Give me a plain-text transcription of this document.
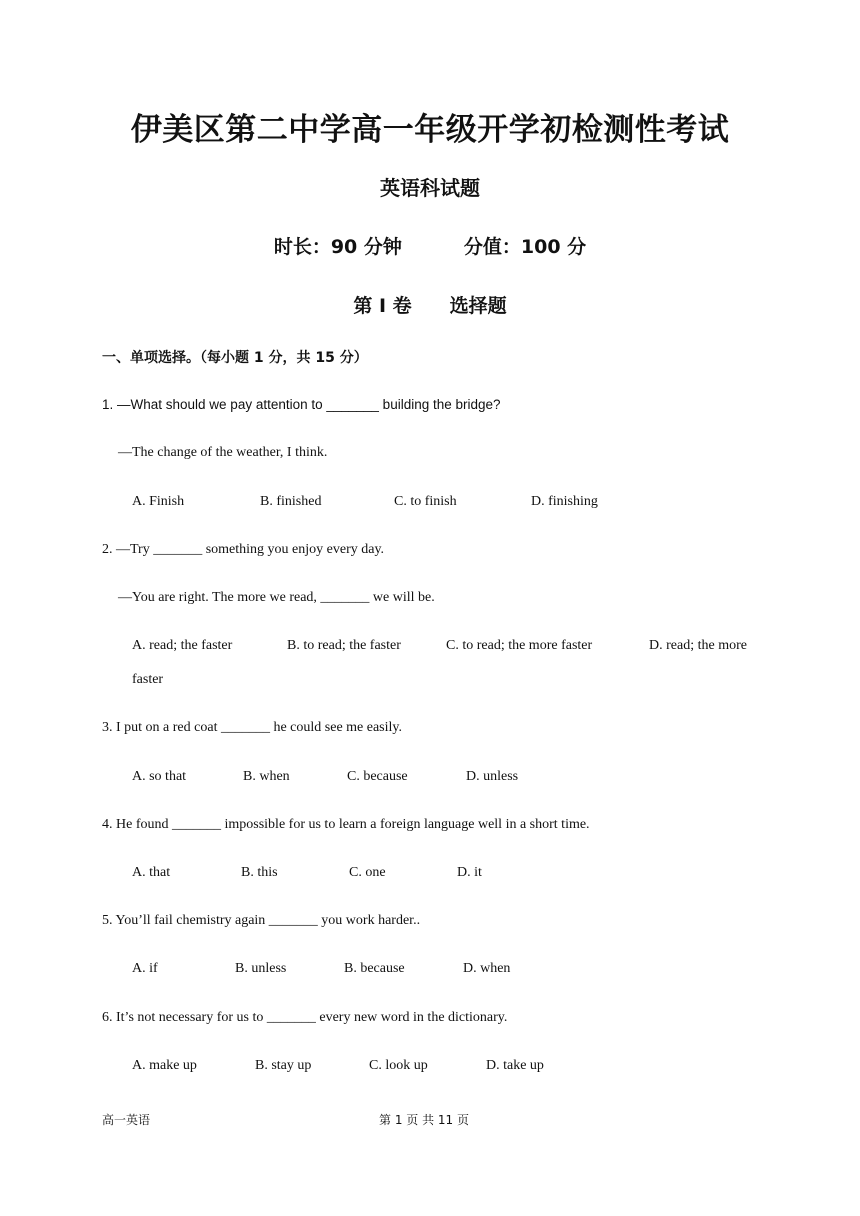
伊美区第二中学高一年级开学初检测性考试
英语科试题
时长：90 分钟	分值：100 分
第 I 卷 选择题
一、单项选择。（每小题 1 分，共 15 分）
1. —What should we pay attention to _______ building the bridge?
—The change of the weather, I think.
A. Finish	B. finished	C. to finish	D. finishing
2. —Try _______ something you enjoy every day.
—You are right. The more we read, _______ we will be.
A. read; the faster	B. to read; the faster	C. to read; the more faster	D. read; the more
faster
3. I put on a red coat _______ he could see me easily.
A. so that	B. when	C. because	D. unless
4. He found _______ impossible for us to learn a foreign language well in a short time.
A. that	B. this	C. one	D. it
5. You’ll fail chemistry again _______ you work harder..
A. if	B. unless	B. because	D. when
6. It’s not necessary for us to _______ every new word in the dictionary.
A. make up	B. stay up	C. look up	D. take up
高一英语	第 1 页 共 11 页
